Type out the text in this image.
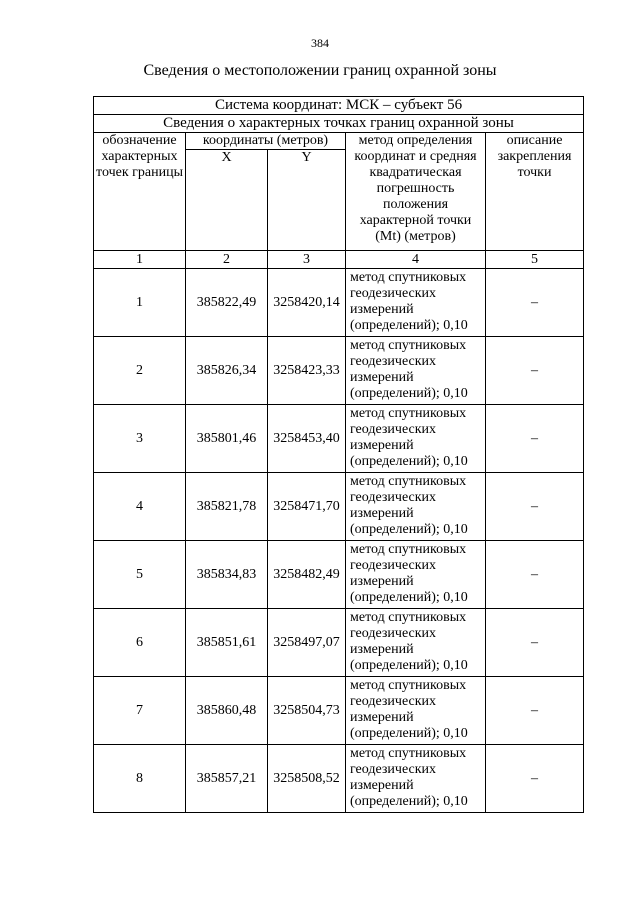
384
Сведения о местоположении границ охранной зоны
Система координат: МСК – субъект 56				
Сведения о характерных точках границ охранной зоны				
обозначение характерных точек границы	координаты (метров)		метод определения координат и средняя квадратическая погрешность положения характерной точки (Mt) (метров)	описание закрепления точки
	X	Y		
1	2	3	4	5
1	385822,49	3258420,14	метод спутниковых геодезических измерений (определений); 0,10	–
2	385826,34	3258423,33	метод спутниковых геодезических измерений (определений); 0,10	–
3	385801,46	3258453,40	метод спутниковых геодезических измерений (определений); 0,10	–
4	385821,78	3258471,70	метод спутниковых геодезических измерений (определений); 0,10	–
5	385834,83	3258482,49	метод спутниковых геодезических измерений (определений); 0,10	–
6	385851,61	3258497,07	метод спутниковых геодезических измерений (определений); 0,10	–
7	385860,48	3258504,73	метод спутниковых геодезических измерений (определений); 0,10	–
8	385857,21	3258508,52	метод спутниковых геодезических измерений (определений); 0,10	–
